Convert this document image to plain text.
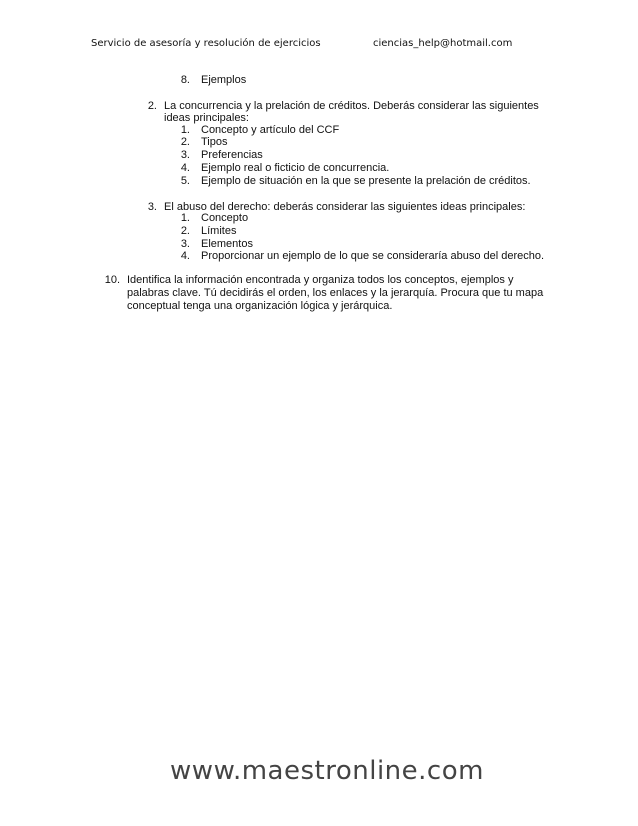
Servicio de asesoría y resolución de ejercicios	ciencias_help@hotmail.com
8. Ejemplos
2. La concurrencia y la prelación de créditos. Deberás considerar las siguientes
ideas principales:
1. Concepto y artículo del CCF
2. Tipos
3. Preferencias
4. Ejemplo real o ficticio de concurrencia.
5. Ejemplo de situación en la que se presente la prelación de créditos.
3. El abuso del derecho: deberás considerar las siguientes ideas principales:
1. Concepto
2. Límites
3. Elementos
4. Proporcionar un ejemplo de lo que se consideraría abuso del derecho.
10. Identifica la información encontrada y organiza todos los conceptos, ejemplos y
palabras clave. Tú decidirás el orden, los enlaces y la jerarquía. Procura que tu mapa
conceptual tenga una organización lógica y jerárquica.
www.maestronline.com
